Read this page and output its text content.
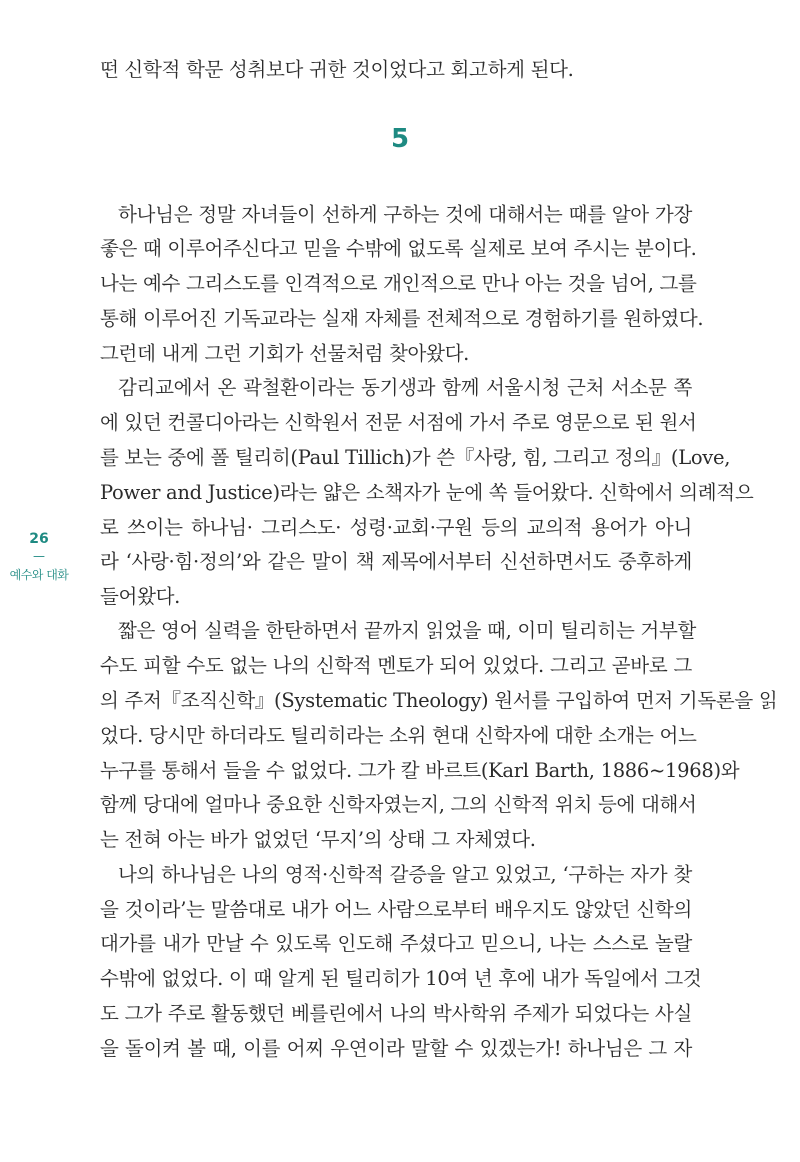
5
26
—
예수와 대화
떤 신학적 학문 성취보다 귀한 것이었다고 회고하게 된다.
하나님은 정말 자녀들이 선하게 구하는 것에 대해서는 때를 알아 가장
좋은 때 이루어주신다고 믿을 수밖에 없도록 실제로 보여 주시는 분이다.
나는 예수 그리스도를 인격적으로 개인적으로 만나 아는 것을 넘어, 그를
통해 이루어진 기독교라는 실재 자체를 전체적으로 경험하기를 원하였다.
그런데 내게 그런 기회가 선물처럼 찾아왔다.
감리교에서 온 곽철환이라는 동기생과 함께 서울시청 근처 서소문 쪽
에 있던 컨콜디아라는 신학원서 전문 서점에 가서 주로 영문으로 된 원서
를 보는 중에 폴 틸리히(Paul Tillich)가 쓴『사랑, 힘, 그리고 정의』(Love,
Power and Justice)라는 얇은 소책자가 눈에 쏙 들어왔다. 신학에서 의례적으
로 쓰이는 하나님· 그리스도· 성령·교회·구원 등의 교의적 용어가 아니
라 ‘사랑·힘·정의’와 같은 말이 책 제목에서부터 신선하면서도 중후하게
들어왔다.
짧은 영어 실력을 한탄하면서 끝까지 읽었을 때, 이미 틸리히는 거부할
수도 피할 수도 없는 나의 신학적 멘토가 되어 있었다. 그리고 곧바로 그
의 주저『조직신학』(Systematic Theology) 원서를 구입하여 먼저 기독론을 읽
었다. 당시만 하더라도 틸리히라는 소위 현대 신학자에 대한 소개는 어느
누구를 통해서 들을 수 없었다. 그가 칼 바르트(Karl Barth, 1886~1968)와
함께 당대에 얼마나 중요한 신학자였는지, 그의 신학적 위치 등에 대해서
는 전혀 아는 바가 없었던 ‘무지’의 상태 그 자체였다.
나의 하나님은 나의 영적·신학적 갈증을 알고 있었고, ‘구하는 자가 찾
을 것이라’는 말씀대로 내가 어느 사람으로부터 배우지도 않았던 신학의
대가를 내가 만날 수 있도록 인도해 주셨다고 믿으니, 나는 스스로 놀랄
수밖에 없었다. 이 때 알게 된 틸리히가 10여 년 후에 내가 독일에서 그것
도 그가 주로 활동했던 베를린에서 나의 박사학위 주제가 되었다는 사실
을 돌이켜 볼 때, 이를 어찌 우연이라 말할 수 있겠는가! 하나님은 그 자
